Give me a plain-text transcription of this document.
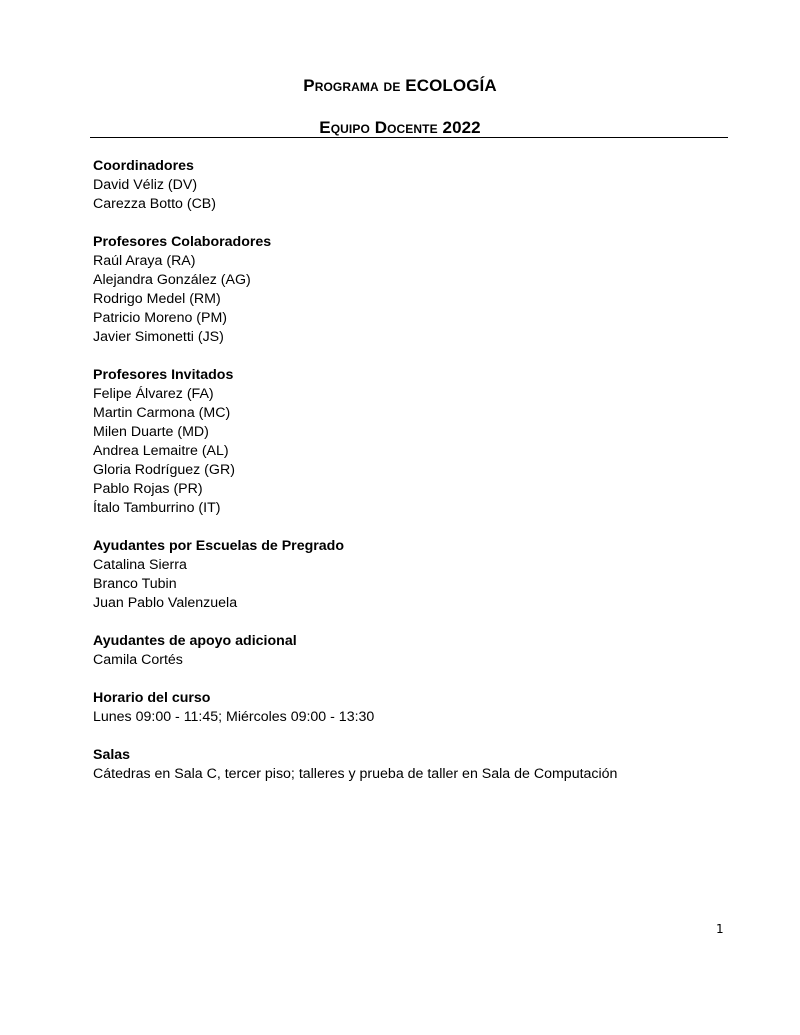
Programa de ECOLOGÍA
Equipo Docente 2022
Coordinadores
David Véliz (DV)
Carezza Botto (CB)
Profesores Colaboradores
Raúl Araya (RA)
Alejandra González (AG)
Rodrigo Medel (RM)
Patricio Moreno (PM)
Javier Simonetti (JS)
Profesores Invitados
Felipe Álvarez (FA)
Martin Carmona (MC)
Milen Duarte (MD)
Andrea Lemaitre (AL)
Gloria Rodríguez (GR)
Pablo Rojas (PR)
Ítalo Tamburrino (IT)
Ayudantes por Escuelas de Pregrado
Catalina Sierra
Branco Tubin
Juan Pablo Valenzuela
Ayudantes de apoyo adicional
Camila Cortés
Horario del curso
Lunes 09:00 - 11:45; Miércoles 09:00 - 13:30
Salas
Cátedras en Sala C, tercer piso; talleres y prueba de taller en Sala de Computación
1
